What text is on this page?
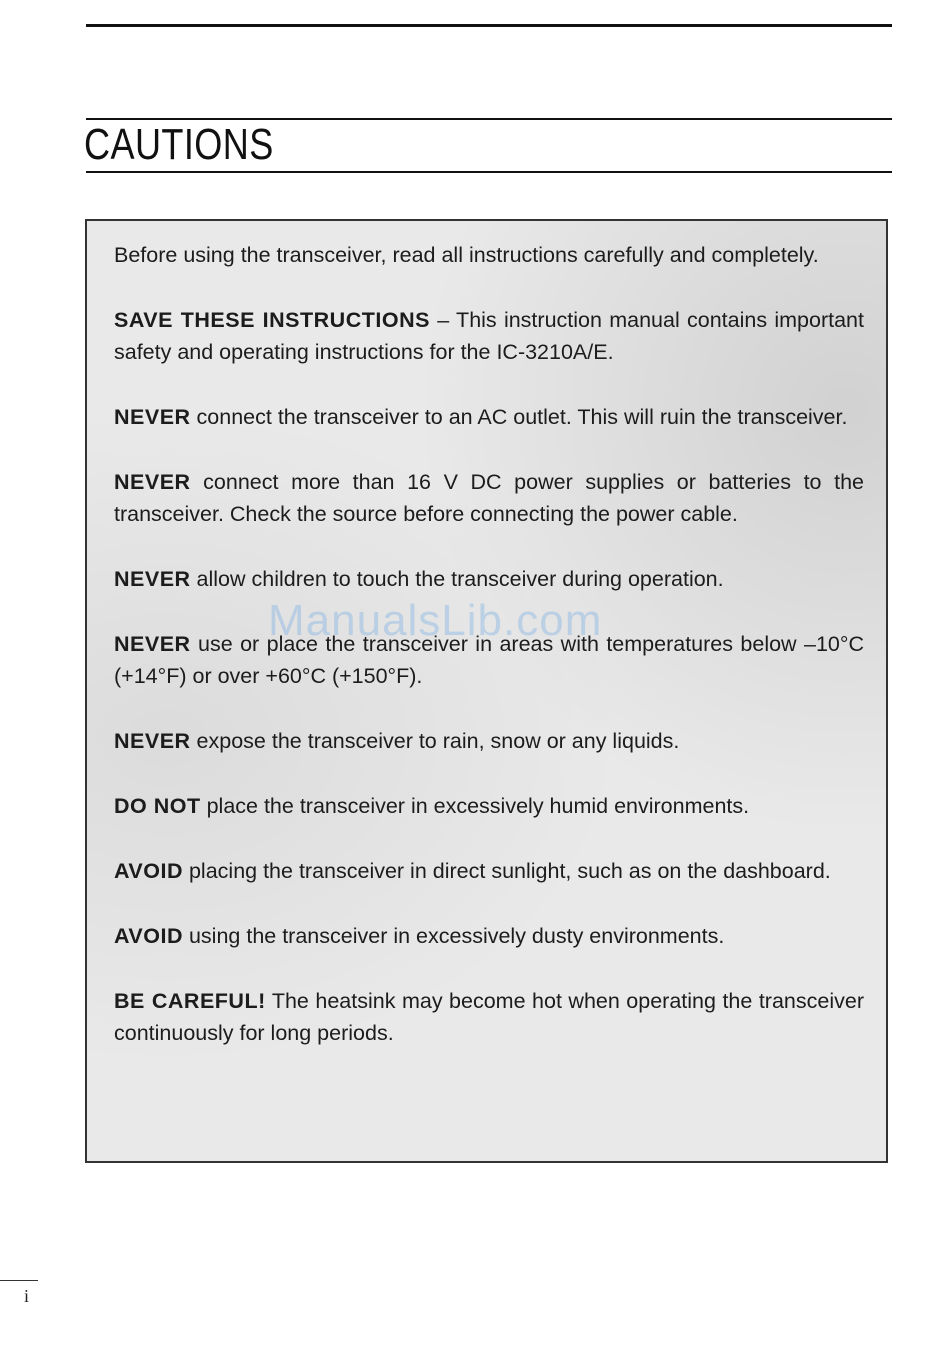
CAUTIONS

Before using the transceiver, read all instructions carefully and completely.

SAVE THESE INSTRUCTIONS – This instruction manual contains important safety and operating instructions for the IC-3210A/E.

NEVER connect the transceiver to an AC outlet. This will ruin the transceiver.

NEVER connect more than 16 V DC power supplies or batteries to the transceiver. Check the source before connecting the power cable.

NEVER allow children to touch the transceiver during operation.

NEVER use or place the transceiver in areas with temperatures below –10°C (+14°F) or over +60°C (+150°F).

NEVER expose the transceiver to rain, snow or any liquids.

DO NOT place the transceiver in excessively humid environments.

AVOID placing the transceiver in direct sunlight, such as on the dashboard.

AVOID using the transceiver in excessively dusty environments.

BE CAREFUL! The heatsink may become hot when operating the transceiver continuously for long periods.

ManualsLib.com
i
